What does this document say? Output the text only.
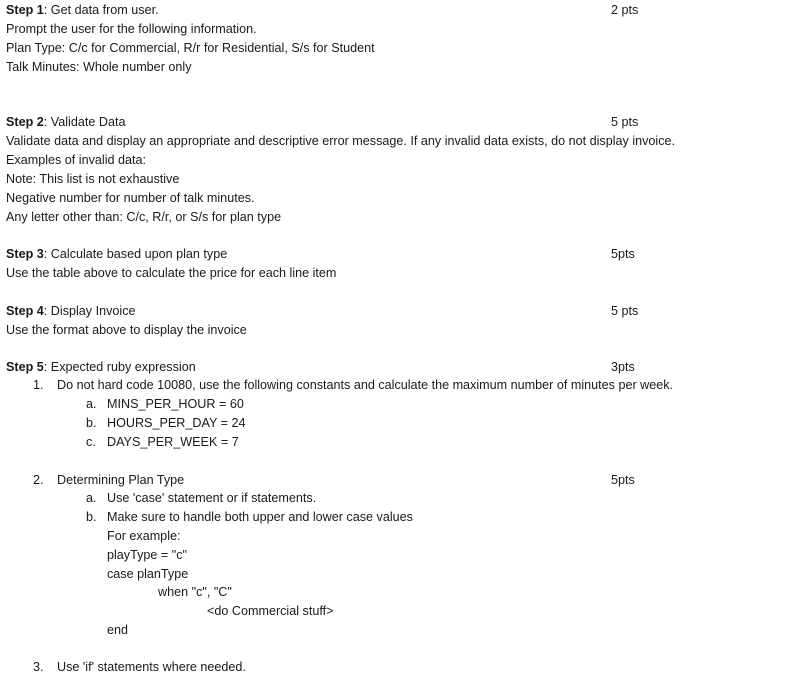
Step 1: Get data from user.	2 pts
Prompt the user for the following information.
Plan Type: C/c for Commercial, R/r for Residential, S/s for Student
Talk Minutes: Whole number only
Step 2: Validate Data	5 pts
Validate data and display an appropriate and descriptive error message. If any invalid data exists, do not display invoice.
Examples of invalid data:
Note: This list is not exhaustive
Negative number for number of talk minutes.
Any letter other than: C/c, R/r, or S/s for plan type
Step 3: Calculate based upon plan type	5pts
Use the table above to calculate the price for each line item
Step 4: Display Invoice	5 pts
Use the format above to display the invoice
Step 5: Expected ruby expression	3pts
1. Do not hard code 10080, use the following constants and calculate the maximum number of minutes per week.
a. MINS_PER_HOUR = 60
b. HOURS_PER_DAY = 24
c. DAYS_PER_WEEK = 7
2. Determining Plan Type	5pts
a. Use 'case' statement or if statements.
b. Make sure to handle both upper and lower case values
For example:
playType = "c"
case planType
when "c", "C"
<do Commercial stuff>
end
3. Use 'if' statements where needed.
